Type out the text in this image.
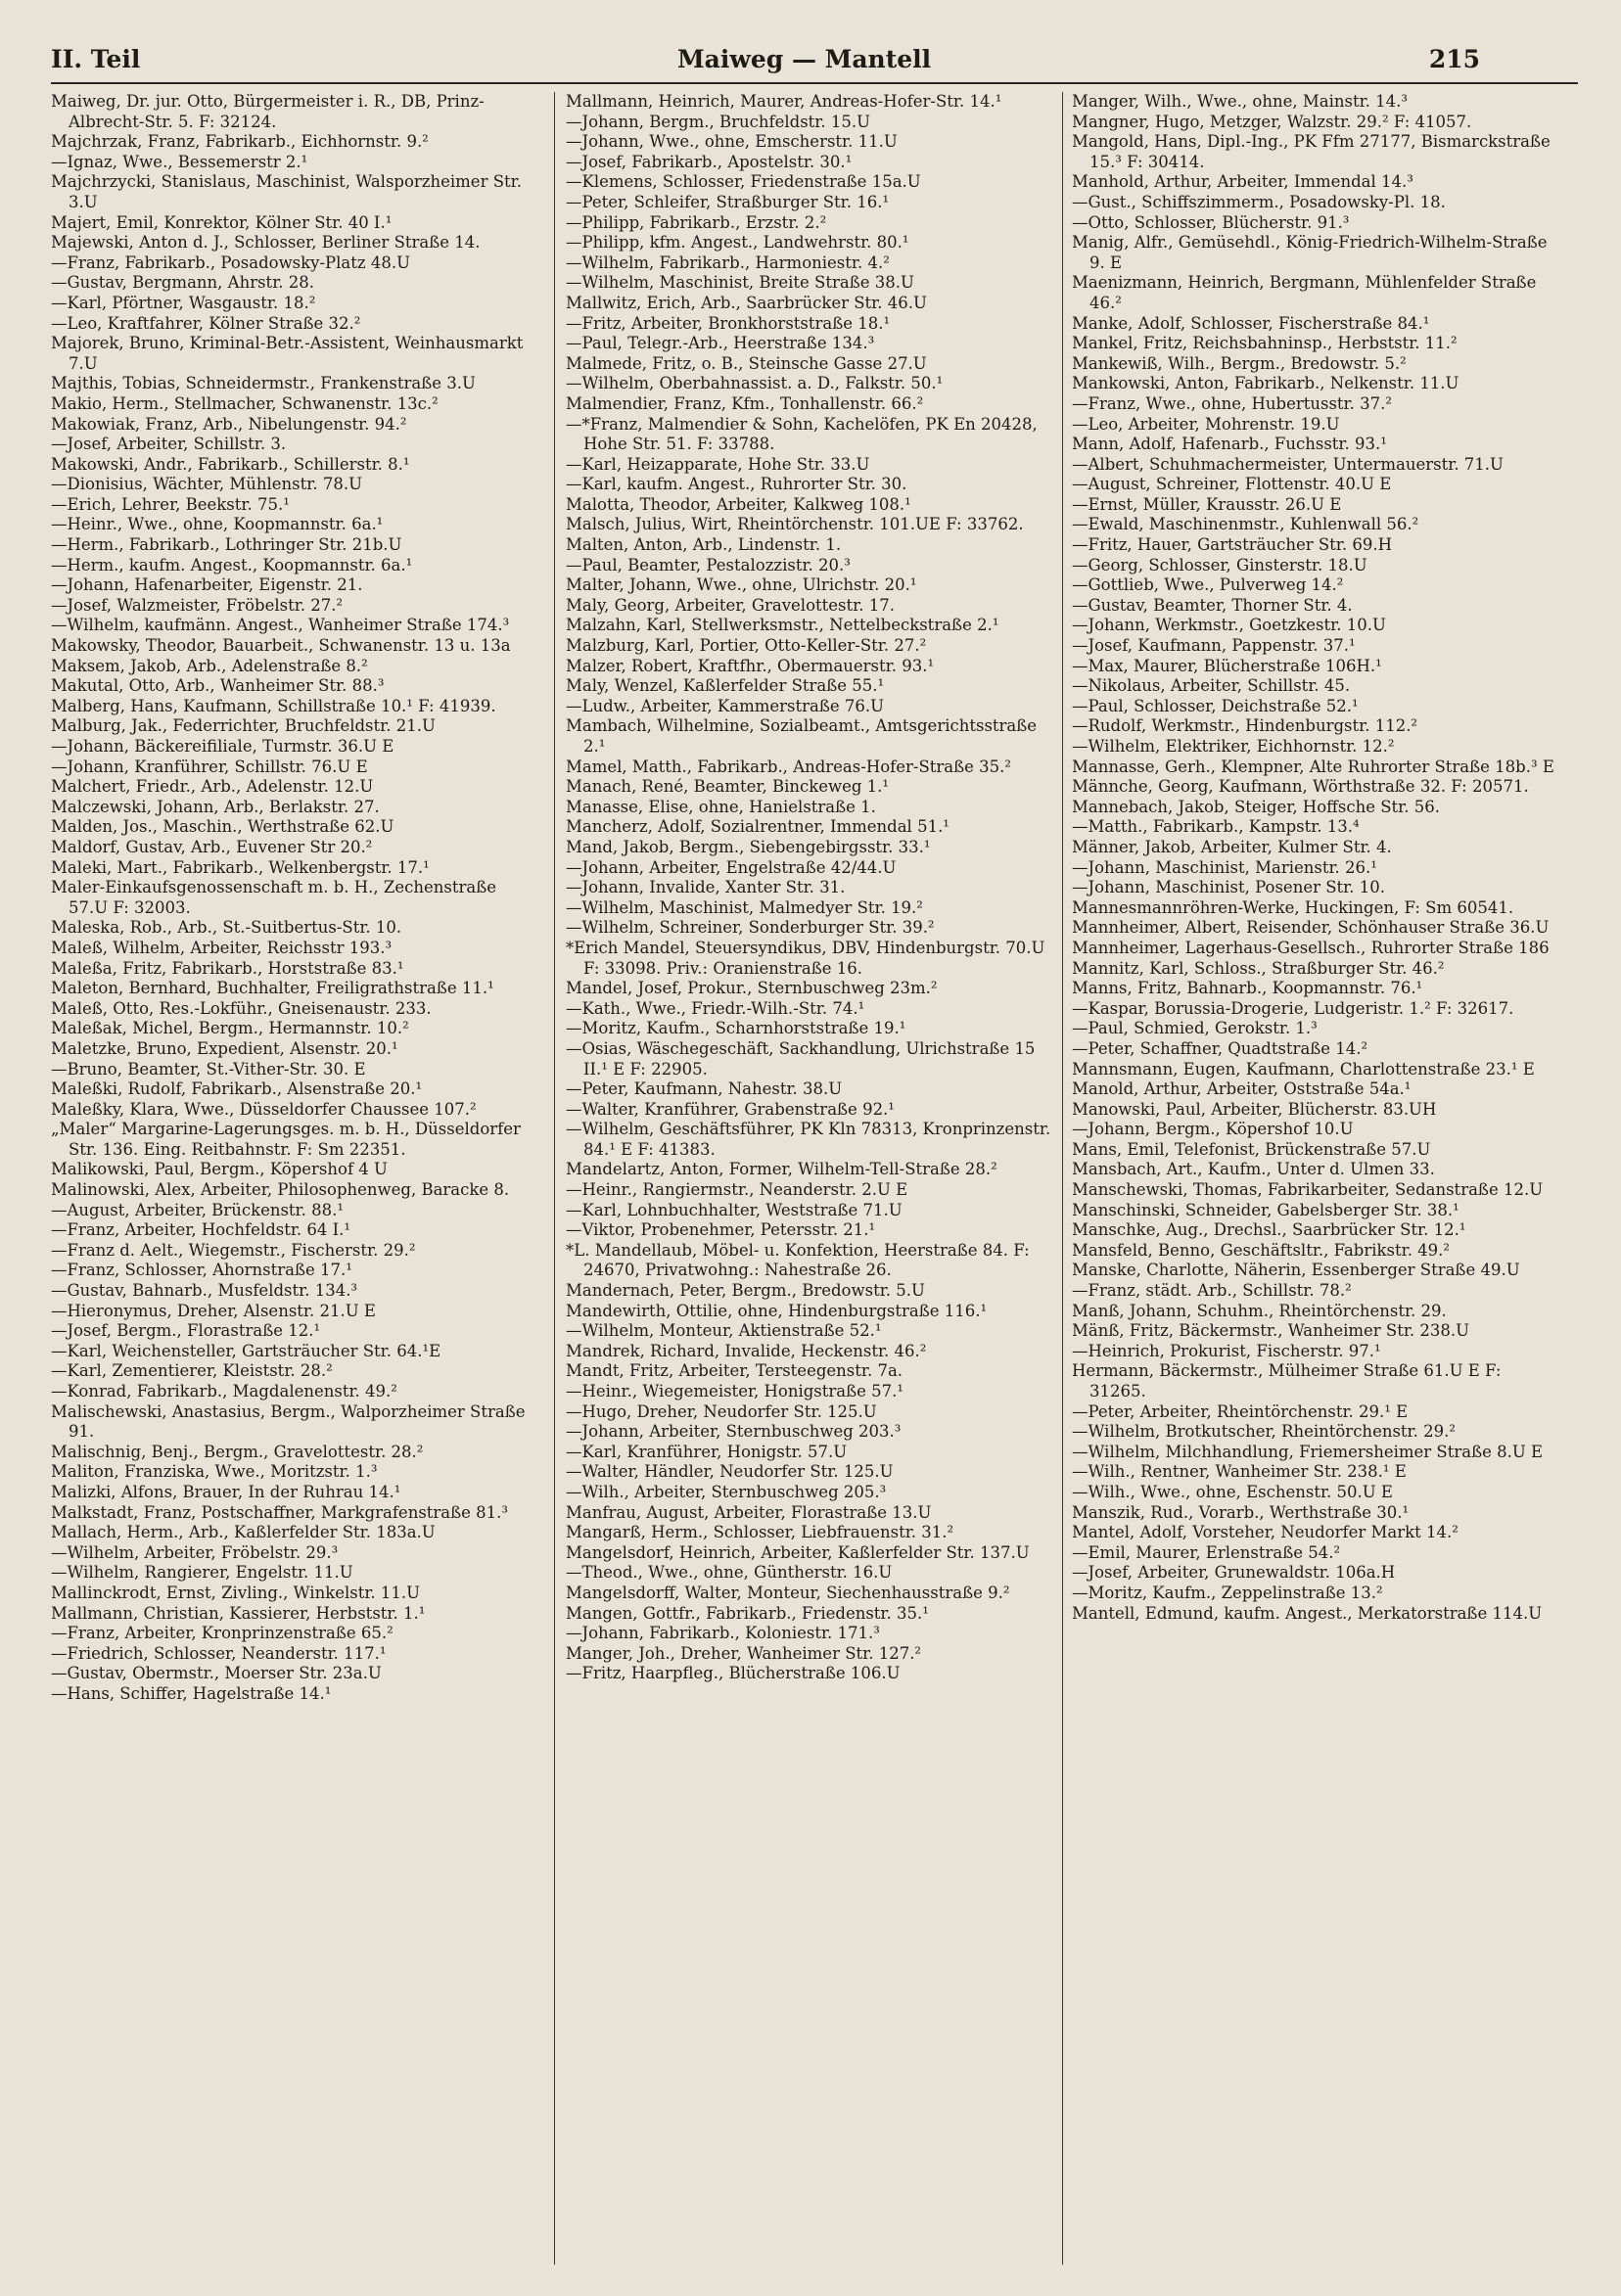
II. Teil	Maiweg — Mantell	215
Maiweg, Dr. jur. Otto, Bürgermeister i. R., DB, Prinz-Albrecht-Str. 5. F: 32124.
Majchrzak, Franz, Fabrikarb., Eichhornstr. 9.²
—Ignaz, Wwe., Bessemerstr 2.¹
Majchrzycki, Stanislaus, Maschinist, Walsporzheimer Str. 3.U
Majert, Emil, Konrektor, Kölner Str. 40 I.¹
Majewski, Anton d. J., Schlosser, Berliner Straße 14.
—Franz, Fabrikarb., Posadowsky-Platz 48.U
—Gustav, Bergmann, Ahrstr. 28.
—Karl, Pförtner, Wasgaustr. 18.²
—Leo, Kraftfahrer, Kölner Straße 32.²
Majorek, Bruno, Kriminal-Betr.-Assistent, Weinhausmarkt 7.U
Majthis, Tobias, Schneidermstr., Frankenstraße 3.U
Makio, Herm., Stellmacher, Schwanenstr. 13c.²
Makowiak, Franz, Arb., Nibelungenstr. 94.²
—Josef, Arbeiter, Schillstr. 3.
Makowski, Andr., Fabrikarb., Schillerstr. 8.¹
—Dionisius, Wächter, Mühlenstr. 78.U
—Erich, Lehrer, Beekstr. 75.¹
—Heinr., Wwe., ohne, Koopmannstr. 6a.¹
—Herm., Fabrikarb., Lothringer Str. 21b.U
—Herm., kaufm. Angest., Koopmannstr. 6a.¹
—Johann, Hafenarbeiter, Eigenstr. 21.
—Josef, Walzmeister, Fröbelstr. 27.²
—Wilhelm, kaufmänn. Angest., Wanheimer Straße 174.³
Makowsky, Theodor, Bauarbeit., Schwanenstr. 13 u. 13a
Maksem, Jakob, Arb., Adelenstraße 8.²
Makutal, Otto, Arb., Wanheimer Str. 88.³
Malberg, Hans, Kaufmann, Schillstraße 10.¹ F: 41939.
Malburg, Jak., Federrichter, Bruchfeldstr. 21.U
—Johann, Bäckereifiliale, Turmstr. 36.U E
—Johann, Kranführer, Schillstr. 76.U E
Malchert, Friedr., Arb., Adelenstr. 12.U
Malczewski, Johann, Arb., Berlakstr. 27.
Malden, Jos., Maschin., Werthstraße 62.U
Maldorf, Gustav, Arb., Euvener Str 20.²
Maleki, Mart., Fabrikarb., Welkenbergstr. 17.¹
Maler-Einkaufsgenossenschaft m. b. H., Zechenstraße 57.U F: 32003.
Maleska, Rob., Arb., St.-Suitbertus-Str. 10.
Maleß, Wilhelm, Arbeiter, Reichsstr 193.³
Maleßa, Fritz, Fabrikarb., Horststraße 83.¹
Maleton, Bernhard, Buchhalter, Freiligrathstraße 11.¹
Maleß, Otto, Res.-Lokführ., Gneisenaustr. 233.
Maleßak, Michel, Bergm., Hermannstr. 10.²
Maletzke, Bruno, Expedient, Alsenstr. 20.¹
—Bruno, Beamter, St.-Vither-Str. 30. E
Maleßki, Rudolf, Fabrikarb., Alsenstraße 20.¹
Maleßky, Klara, Wwe., Düsseldorfer Chaussee 107.²
„Maler“ Margarine-Lagerungsges. m. b. H., Düsseldorfer Str. 136. Eing. Reitbahnstr. F: Sm 22351.
Malikowski, Paul, Bergm., Köpershof 4 U
Malinowski, Alex, Arbeiter, Philosophenweg, Baracke 8.
—August, Arbeiter, Brückenstr. 88.¹
—Franz, Arbeiter, Hochfeldstr. 64 I.¹
—Franz d. Aelt., Wiegemstr., Fischerstr. 29.²
—Franz, Schlosser, Ahornstraße 17.¹
—Gustav, Bahnarb., Musfeldstr. 134.³
—Hieronymus, Dreher, Alsenstr. 21.U E
—Josef, Bergm., Florastraße 12.¹
—Karl, Weichensteller, Gartsträucher Str. 64.¹E
—Karl, Zementierer, Kleiststr. 28.²
—Konrad, Fabrikarb., Magdalenenstr. 49.²
Malischewski, Anastasius, Bergm., Walporzheimer Straße 91.
Malischnig, Benj., Bergm., Gravelottestr. 28.²
Maliton, Franziska, Wwe., Moritzstr. 1.³
Malizki, Alfons, Brauer, In der Ruhrau 14.¹
Malkstadt, Franz, Postschaffner, Markgrafenstraße 81.³
Mallach, Herm., Arb., Kaßlerfelder Str. 183a.U
—Wilhelm, Arbeiter, Fröbelstr. 29.³
—Wilhelm, Rangierer, Engelstr. 11.U
Mallinckrodt, Ernst, Zivling., Winkelstr. 11.U
Mallmann, Christian, Kassierer, Herbststr. 1.¹
—Franz, Arbeiter, Kronprinzenstraße 65.²
—Friedrich, Schlosser, Neanderstr. 117.¹
—Gustav, Obermstr., Moerser Str. 23a.U
—Hans, Schiffer, Hagelstraße 14.¹
Mallmann, Heinrich, Maurer, Andreas-Hofer-Str. 14.¹
—Johann, Bergm., Bruchfeldstr. 15.U
—Johann, Wwe., ohne, Emscherstr. 11.U
—Josef, Fabrikarb., Apostelstr. 30.¹
—Klemens, Schlosser, Friedenstraße 15a.U
—Peter, Schleifer, Straßburger Str. 16.¹
—Philipp, Fabrikarb., Erzstr. 2.²
—Philipp, kfm. Angest., Landwehrstr. 80.¹
—Wilhelm, Fabrikarb., Harmoniestr. 4.²
—Wilhelm, Maschinist, Breite Straße 38.U
Mallwitz, Erich, Arb., Saarbrücker Str. 46.U
—Fritz, Arbeiter, Bronkhorststraße 18.¹
—Paul, Telegr.-Arb., Heerstraße 134.³
Malmede, Fritz, o. B., Steinsche Gasse 27.U
—Wilhelm, Oberbahnassist. a. D., Falkstr. 50.¹
Malmendier, Franz, Kfm., Tonhallenstr. 66.²
—*Franz, Malmendier & Sohn, Kachelöfen, PK En 20428, Hohe Str. 51. F: 33788.
—Karl, Heizapparate, Hohe Str. 33.U
—Karl, kaufm. Angest., Ruhrorter Str. 30.
Malotta, Theodor, Arbeiter, Kalkweg 108.¹
Malsch, Julius, Wirt, Rheintörchenstr. 101.UE F: 33762.
Malten, Anton, Arb., Lindenstr. 1.
—Paul, Beamter, Pestalozzistr. 20.³
Malter, Johann, Wwe., ohne, Ulrichstr. 20.¹
Maly, Georg, Arbeiter, Gravelottestr. 17.
Malzahn, Karl, Stellwerksmstr., Nettelbeckstraße 2.¹
Malzburg, Karl, Portier, Otto-Keller-Str. 27.²
Malzer, Robert, Kraftfhr., Obermauerstr. 93.¹
Maly, Wenzel, Kaßlerfelder Straße 55.¹
—Ludw., Arbeiter, Kammerstraße 76.U
Mambach, Wilhelmine, Sozialbeamt., Amtsgerichtsstraße 2.¹
Mamel, Matth., Fabrikarb., Andreas-Hofer-Straße 35.²
Manach, René, Beamter, Binckeweg 1.¹
Manasse, Elise, ohne, Hanielstraße 1.
Mancherz, Adolf, Sozialrentner, Immendal 51.¹
Mand, Jakob, Bergm., Siebengebirgsstr. 33.¹
—Johann, Arbeiter, Engelstraße 42/44.U
—Johann, Invalide, Xanter Str. 31.
—Wilhelm, Maschinist, Malmedyer Str. 19.²
—Wilhelm, Schreiner, Sonderburger Str. 39.²
*Erich Mandel, Steuersyndikus, DBV, Hindenburgstr. 70.U F: 33098. Priv.: Oranienstraße 16.
Mandel, Josef, Prokur., Sternbuschweg 23m.²
—Kath., Wwe., Friedr.-Wilh.-Str. 74.¹
—Moritz, Kaufm., Scharnhorststraße 19.¹
—Osias, Wäschegeschäft, Sackhandlung, Ulrichstraße 15 II.¹ E F: 22905.
—Peter, Kaufmann, Nahestr. 38.U
—Walter, Kranführer, Grabenstraße 92.¹
—Wilhelm, Geschäftsführer, PK Kln 78313, Kronprinzenstr. 84.¹ E F: 41383.
Mandelartz, Anton, Former, Wilhelm-Tell-Straße 28.²
—Heinr., Rangiermstr., Neanderstr. 2.U E
—Karl, Lohnbuchhalter, Weststraße 71.U
—Viktor, Probenehmer, Petersstr. 21.¹
*L. Mandellaub, Möbel- u. Konfektion, Heerstraße 84. F: 24670, Privatwohng.: Nahestraße 26.
Mandernach, Peter, Bergm., Bredowstr. 5.U
Mandewirth, Ottilie, ohne, Hindenburgstraße 116.¹
—Wilhelm, Monteur, Aktienstraße 52.¹
Mandrek, Richard, Invalide, Heckenstr. 46.²
Mandt, Fritz, Arbeiter, Tersteegenstr. 7a.
—Heinr., Wiegemeister, Honigstraße 57.¹
—Hugo, Dreher, Neudorfer Str. 125.U
—Johann, Arbeiter, Sternbuschweg 203.³
—Karl, Kranführer, Honigstr. 57.U
—Walter, Händler, Neudorfer Str. 125.U
—Wilh., Arbeiter, Sternbuschweg 205.³
Manfrau, August, Arbeiter, Florastraße 13.U
Mangarß, Herm., Schlosser, Liebfrauenstr. 31.²
Mangelsdorf, Heinrich, Arbeiter, Kaßlerfelder Str. 137.U
—Theod., Wwe., ohne, Güntherstr. 16.U
Mangelsdorff, Walter, Monteur, Siechenhausstraße 9.²
Mangen, Gottfr., Fabrikarb., Friedenstr. 35.¹
—Johann, Fabrikarb., Koloniestr. 171.³
Manger, Joh., Dreher, Wanheimer Str. 127.²
—Fritz, Haarpfleg., Blücherstraße 106.U
Manger, Wilh., Wwe., ohne, Mainstr. 14.³
Mangner, Hugo, Metzger, Walzstr. 29.² F: 41057.
Mangold, Hans, Dipl.-Ing., PK Ffm 27177, Bismarckstraße 15.³ F: 30414.
Manhold, Arthur, Arbeiter, Immendal 14.³
—Gust., Schiffszimmerm., Posadowsky-Pl. 18.
—Otto, Schlosser, Blücherstr. 91.³
Manig, Alfr., Gemüsehdl., König-Friedrich-Wilhelm-Straße 9. E
Maenizmann, Heinrich, Bergmann, Mühlenfelder Straße 46.²
Manke, Adolf, Schlosser, Fischerstraße 84.¹
Mankel, Fritz, Reichsbahninsp., Herbststr. 11.²
Mankewiß, Wilh., Bergm., Bredowstr. 5.²
Mankowski, Anton, Fabrikarb., Nelkenstr. 11.U
—Franz, Wwe., ohne, Hubertusstr. 37.²
—Leo, Arbeiter, Mohrenstr. 19.U
Mann, Adolf, Hafenarb., Fuchsstr. 93.¹
—Albert, Schuhmachermeister, Untermauerstr. 71.U
—August, Schreiner, Flottenstr. 40.U E
—Ernst, Müller, Krausstr. 26.U E
—Ewald, Maschinenmstr., Kuhlenwall 56.²
—Fritz, Hauer, Gartsträucher Str. 69.H
—Georg, Schlosser, Ginsterstr. 18.U
—Gottlieb, Wwe., Pulverweg 14.²
—Gustav, Beamter, Thorner Str. 4.
—Johann, Werkmstr., Goetzkestr. 10.U
—Josef, Kaufmann, Pappenstr. 37.¹
—Max, Maurer, Blücherstraße 106H.¹
—Nikolaus, Arbeiter, Schillstr. 45.
—Paul, Schlosser, Deichstraße 52.¹
—Rudolf, Werkmstr., Hindenburgstr. 112.²
—Wilhelm, Elektriker, Eichhornstr. 12.²
Mannasse, Gerh., Klempner, Alte Ruhrorter Straße 18b.³ E
Männche, Georg, Kaufmann, Wörthstraße 32. F: 20571.
Mannebach, Jakob, Steiger, Hoffsche Str. 56.
—Matth., Fabrikarb., Kampstr. 13.⁴
Männer, Jakob, Arbeiter, Kulmer Str. 4.
—Johann, Maschinist, Marienstr. 26.¹
—Johann, Maschinist, Posener Str. 10.
Mannesmannröhren-Werke, Huckingen, F: Sm 60541.
Mannheimer, Albert, Reisender, Schönhauser Straße 36.U
Mannheimer, Lagerhaus-Gesellsch., Ruhrorter Straße 186
Mannitz, Karl, Schloss., Straßburger Str. 46.²
Manns, Fritz, Bahnarb., Koopmannstr. 76.¹
—Kaspar, Borussia-Drogerie, Ludgeristr. 1.² F: 32617.
—Paul, Schmied, Gerokstr. 1.³
—Peter, Schaffner, Quadtstraße 14.²
Mannsmann, Eugen, Kaufmann, Charlottenstraße 23.¹ E
Manold, Arthur, Arbeiter, Oststraße 54a.¹
Manowski, Paul, Arbeiter, Blücherstr. 83.UH
—Johann, Bergm., Köpershof 10.U
Mans, Emil, Telefonist, Brückenstraße 57.U
Mansbach, Art., Kaufm., Unter d. Ulmen 33.
Manschewski, Thomas, Fabrikarbeiter, Sedanstraße 12.U
Manschinski, Schneider, Gabelsberger Str. 38.¹
Manschke, Aug., Drechsl., Saarbrücker Str. 12.¹
Mansfeld, Benno, Geschäftsltr., Fabrikstr. 49.²
Manske, Charlotte, Näherin, Essenberger Straße 49.U
—Franz, städt. Arb., Schillstr. 78.²
Manß, Johann, Schuhm., Rheintörchenstr. 29.
Mänß, Fritz, Bäckermstr., Wanheimer Str. 238.U
—Heinrich, Prokurist, Fischerstr. 97.¹
Hermann, Bäckermstr., Mülheimer Straße 61.U E F: 31265.
—Peter, Arbeiter, Rheintörchenstr. 29.¹ E
—Wilhelm, Brotkutscher, Rheintörchenstr. 29.²
—Wilhelm, Milchhandlung, Friemersheimer Straße 8.U E
—Wilh., Rentner, Wanheimer Str. 238.¹ E
—Wilh., Wwe., ohne, Eschenstr. 50.U E
Manszik, Rud., Vorarb., Werthstraße 30.¹
Mantel, Adolf, Vorsteher, Neudorfer Markt 14.²
—Emil, Maurer, Erlenstraße 54.²
—Josef, Arbeiter, Grunewaldstr. 106a.H
—Moritz, Kaufm., Zeppelinstraße 13.²
Mantell, Edmund, kaufm. Angest., Merkatorstraße 114.U
